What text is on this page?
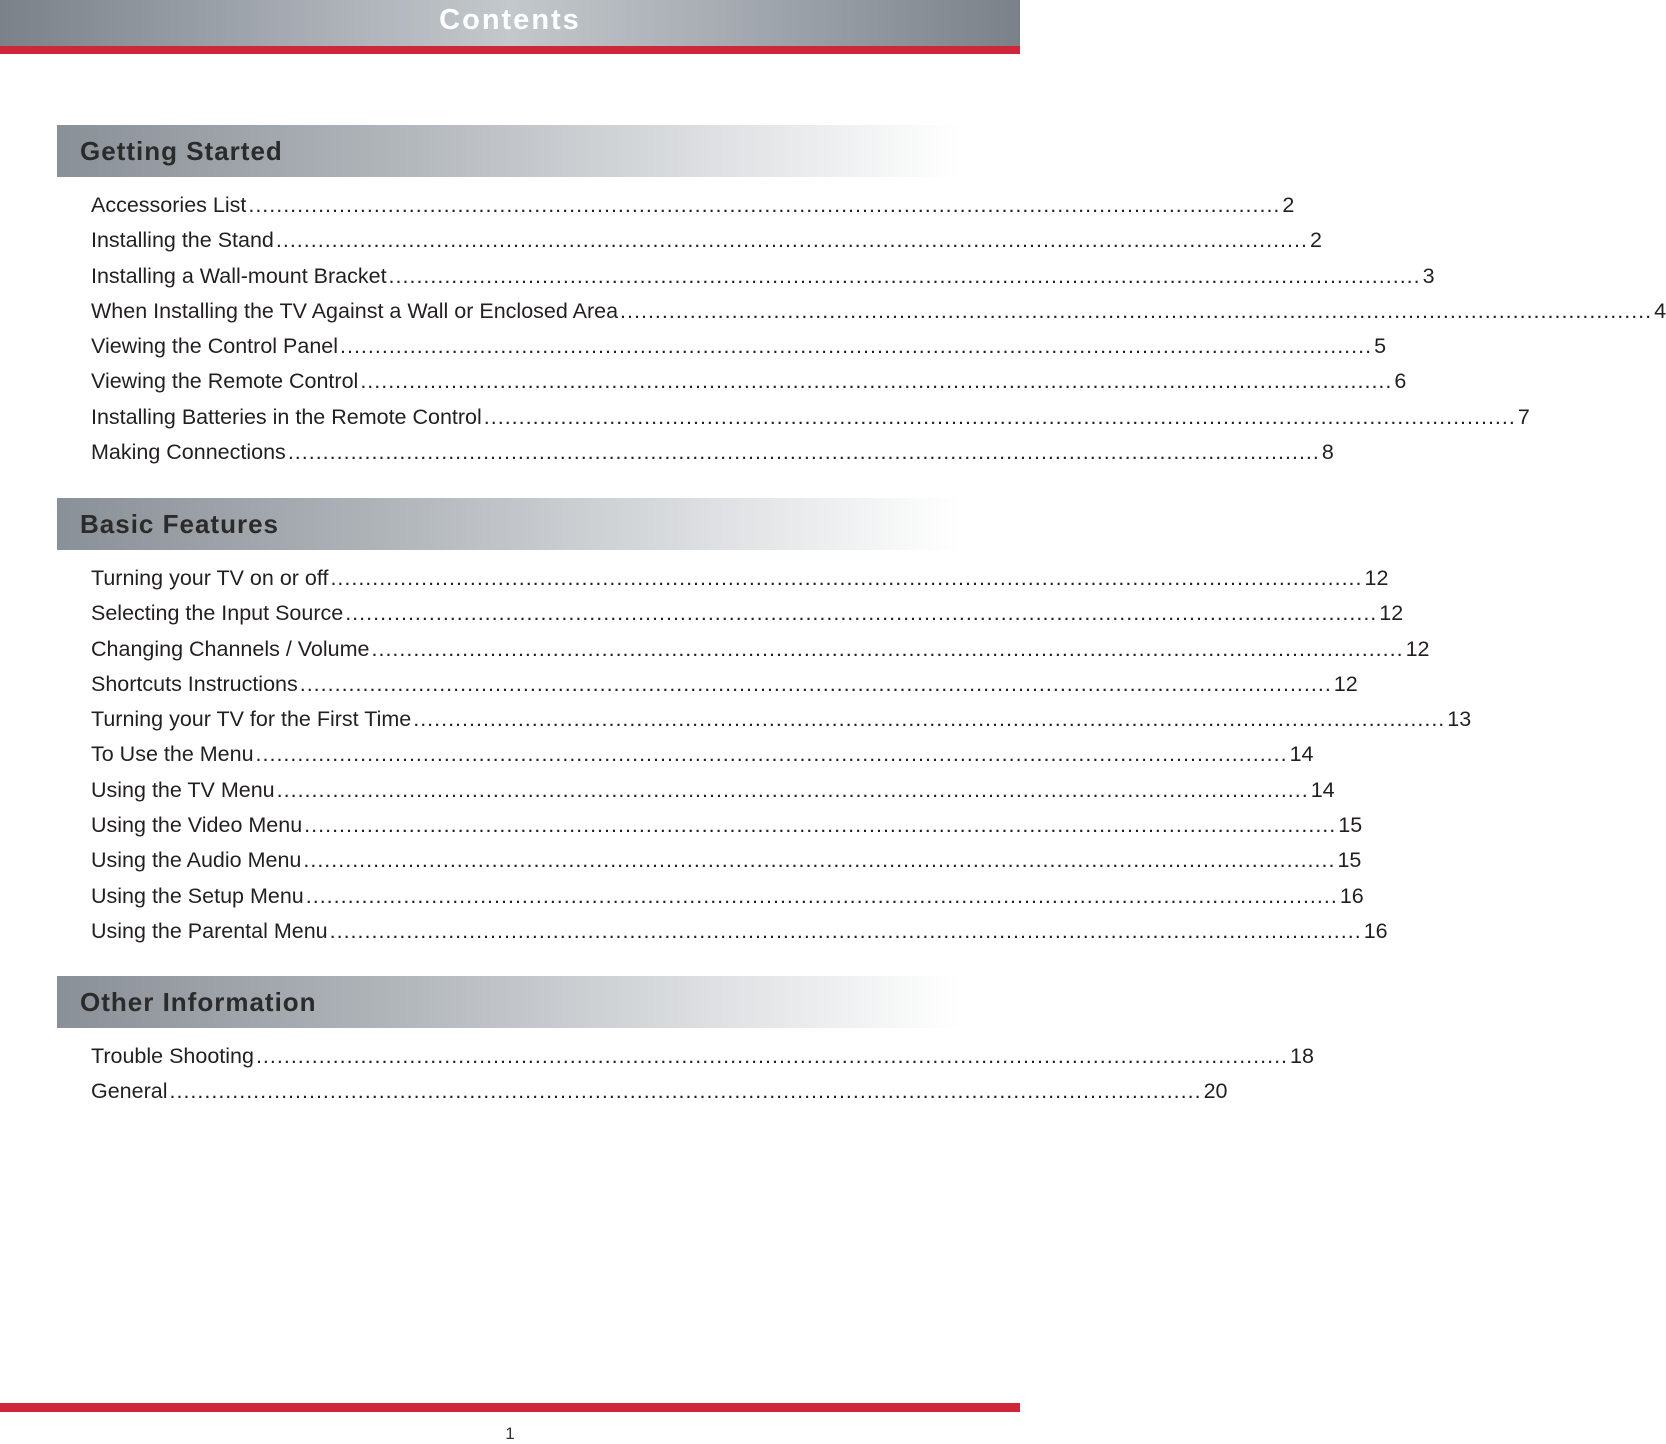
Contents
Getting Started
Accessories List .................................................................................................................................................... 2
Installing the Stand .................................................................................................................................................... 2
Installing a Wall-mount Bracket .................................................................................................................................................... 3
When Installing the TV Against a Wall or Enclosed Area .................................................................................................................................................... 4
Viewing the Control Panel .................................................................................................................................................... 5
Viewing the Remote Control .................................................................................................................................................... 6
Installing Batteries in the Remote Control .................................................................................................................................................... 7
Making Connections .................................................................................................................................................... 8
Basic Features
Turning your TV on or off .................................................................................................................................................... 12
Selecting the Input Source .................................................................................................................................................... 12
Changing Channels / Volume .................................................................................................................................................... 12
Shortcuts Instructions .................................................................................................................................................... 12
Turning your TV for the First Time .................................................................................................................................................... 13
To Use the Menu .................................................................................................................................................... 14
Using the TV Menu .................................................................................................................................................... 14
Using the Video Menu .................................................................................................................................................... 15
Using the Audio Menu .................................................................................................................................................... 15
Using the Setup Menu .................................................................................................................................................... 16
Using the Parental Menu .................................................................................................................................................... 16
Other Information
Trouble Shooting .................................................................................................................................................... 18
General .................................................................................................................................................... 20
1
